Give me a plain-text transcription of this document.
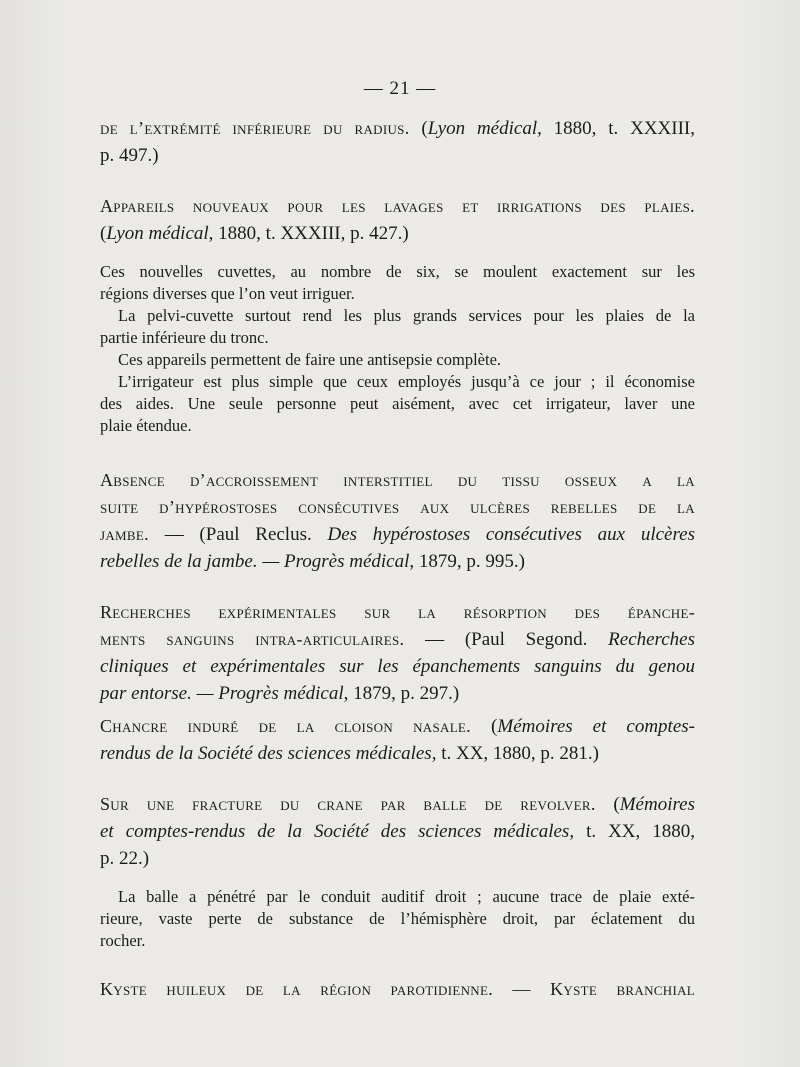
— 21 —
de l’extrémité inférieure du radius. (Lyon médical, 1880, t. XXXIII,
p. 497.)
Appareils nouveaux pour les lavages et irrigations des plaies.
(Lyon médical, 1880, t. XXXIII, p. 427.)
Ces nouvelles cuvettes, au nombre de six, se moulent exactement sur les
régions diverses que l’on veut irriguer.
La pelvi-cuvette surtout rend les plus grands services pour les plaies de la
partie inférieure du tronc.
Ces appareils permettent de faire une antisepsie complète.
L’irrigateur est plus simple que ceux employés jusqu’à ce jour ; il économise
des aides. Une seule personne peut aisément, avec cet irrigateur, laver une
plaie étendue.
Absence d’accroissement interstitiel du tissu osseux a la
suite d’hypérostoses consécutives aux ulcères rebelles de la
jambe. — (Paul Reclus. Des hypérostoses consécutives aux ulcères
rebelles de la jambe. — Progrès médical, 1879, p. 995.)
Recherches expérimentales sur la résorption des épanche-
ments sanguins intra-articulaires. — (Paul Segond. Recherches
cliniques et expérimentales sur les épanchements sanguins du genou
par entorse. — Progrès médical, 1879, p. 297.)
Chancre induré de la cloison nasale. (Mémoires et comptes-
rendus de la Société des sciences médicales, t. XX, 1880, p. 281.)
Sur une fracture du crane par balle de revolver. (Mémoires
et comptes-rendus de la Société des sciences médicales, t. XX, 1880,
p. 22.)
La balle a pénétré par le conduit auditif droit ; aucune trace de plaie exté-
rieure, vaste perte de substance de l’hémisphère droit, par éclatement du
rocher.
Kyste huileux de la région parotidienne. — Kyste branchial
